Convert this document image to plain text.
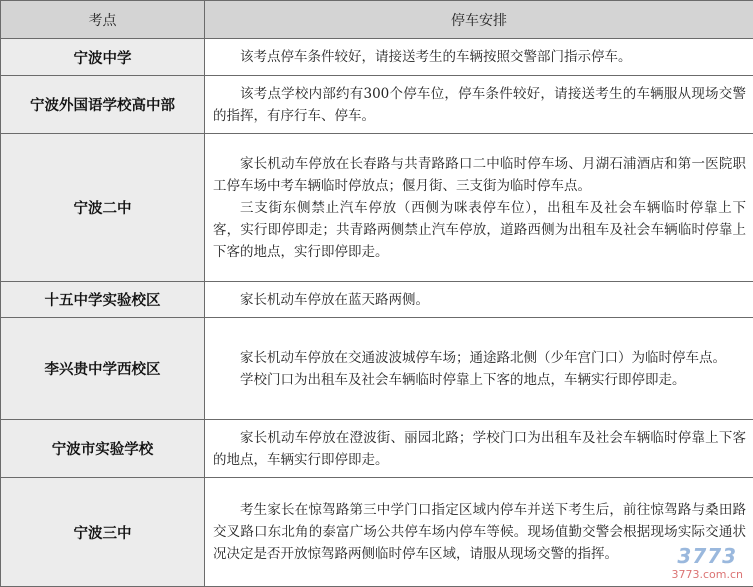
考点	停车安排
宁波中学	该考点停车条件较好，请接送考生的车辆按照交警部门指示停车。

宁波外国语学校高中部	该考点学校内部约有300个停车位，停车条件较好，请接送考生的车辆服从现场交警的指挥，有序行车、停车。

宁波二中	家长机动车停放在长春路与共青路路口二中临时停车场、月湖石浦酒店和第一医院职工停车场中考车辆临时停放点；偃月街、三支街为临时停车点。

三支街东侧禁止汽车停放（西侧为咪表停车位），出租车及社会车辆临时停靠上下客，实行即停即走；共青路两侧禁止汽车停放，道路西侧为出租车及社会车辆临时停靠上下客的地点，实行即停即走。

十五中学实验校区	家长机动车停放在蓝天路两侧。

李兴贵中学西校区	家长机动车停放在交通波波城停车场；通途路北侧（少年宫门口）为临时停车点。

学校门口为出租车及社会车辆临时停靠上下客的地点，车辆实行即停即走。

宁波市实验学校	家长机动车停放在澄波街、丽园北路；学校门口为出租车及社会车辆临时停靠上下客的地点，车辆实行即停即走。

宁波三中	考生家长在惊驾路第三中学门口指定区域内停车并送下考生后，前往惊驾路与桑田路交叉路口东北角的泰富广场公共停车场内停车等候。现场值勤交警会根据现场实际交通状况决定是否开放惊驾路两侧临时停车区域，请服从现场交警的指挥。	3773
3773.com.cn
